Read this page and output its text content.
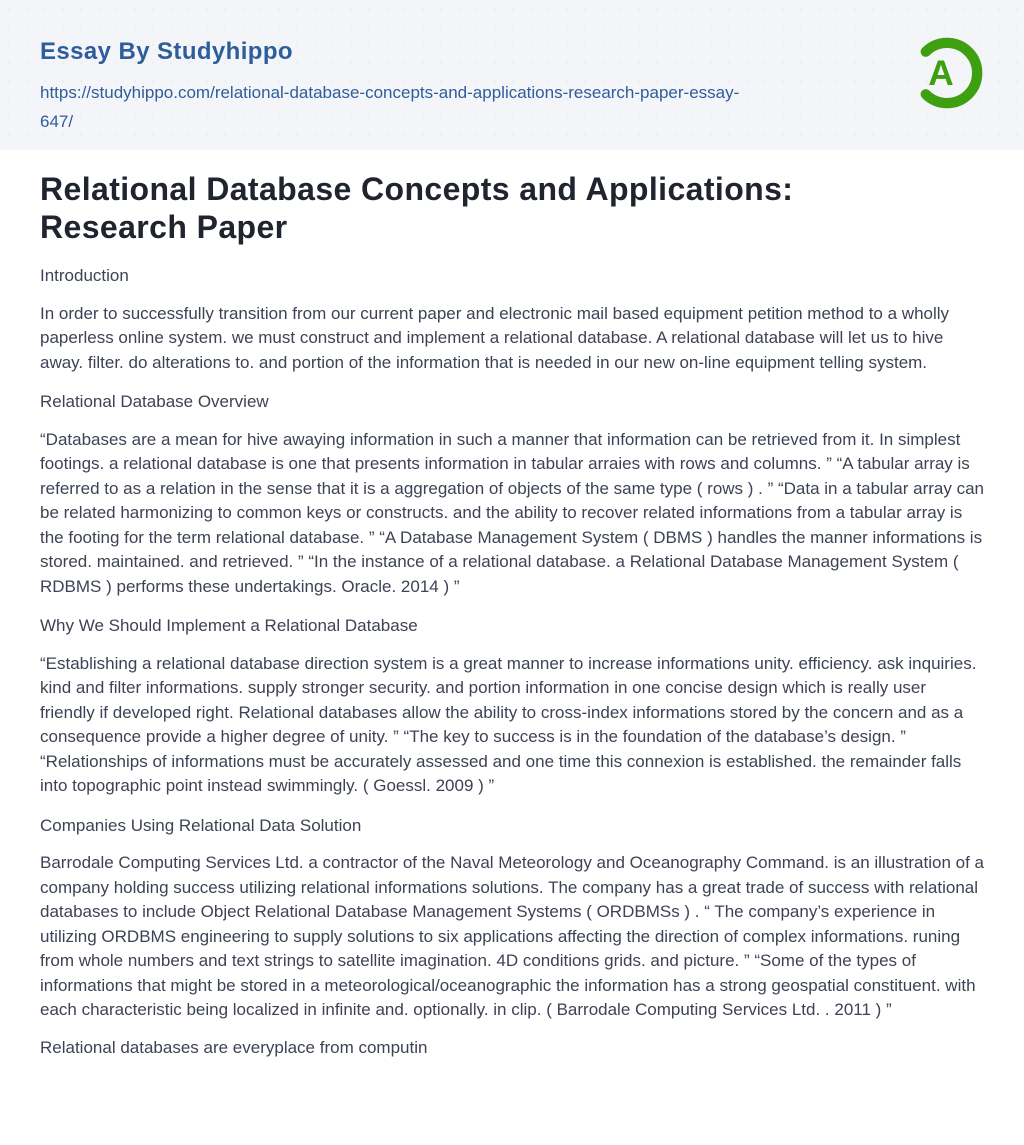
Essay By Studyhippo
https://studyhippo.com/relational-database-concepts-and-applications-research-paper-essay-647/
A
Relational Database Concepts and Applications: Research Paper
Introduction

In order to successfully transition from our current paper and electronic mail based equipment petition method to a wholly paperless online system. we must construct and implement a relational database. A relational database will let us to hive away. filter. do alterations to. and portion of the information that is needed in our new on-line equipment telling system.

Relational Database Overview

“Databases are a mean for hive awaying information in such a manner that information can be retrieved from it. In simplest footings. a relational database is one that presents information in tabular arraies with rows and columns. ” “A tabular array is referred to as a relation in the sense that it is a aggregation of objects of the same type ( rows ) . ” “Data in a tabular array can be related harmonizing to common keys or constructs. and the ability to recover related informations from a tabular array is the footing for the term relational database. ” “A Database Management System ( DBMS ) handles the manner informations is stored. maintained. and retrieved. ” “In the instance of a relational database. a Relational Database Management System ( RDBMS ) performs these undertakings. Oracle. 2014 ) ”

Why We Should Implement a Relational Database

“Establishing a relational database direction system is a great manner to increase informations unity. efficiency. ask inquiries. kind and filter informations. supply stronger security. and portion information in one concise design which is really user friendly if developed right. Relational databases allow the ability to cross-index informations stored by the concern and as a consequence provide a higher degree of unity. ” “The key to success is in the foundation of the database’s design. ” “Relationships of informations must be accurately assessed and one time this connexion is established. the remainder falls into topographic point instead swimmingly. ( Goessl. 2009 ) ”

Companies Using Relational Data Solution

Barrodale Computing Services Ltd. a contractor of the Naval Meteorology and Oceanography Command. is an illustration of a company holding success utilizing relational informations solutions. The company has a great trade of success with relational databases to include Object Relational Database Management Systems ( ORDBMSs ) . “ The company’s experience in utilizing ORDBMS engineering to supply solutions to six applications affecting the direction of complex informations. runing from whole numbers and text strings to satellite imagination. 4D conditions grids. and picture. ” “Some of the types of informations that might be stored in a meteorological/oceanographic the information has a strong geospatial constituent. with each characteristic being localized in infinite and. optionally. in clip. ( Barrodale Computing Services Ltd. . 2011 ) ”

Relational databases are everyplace from computin
